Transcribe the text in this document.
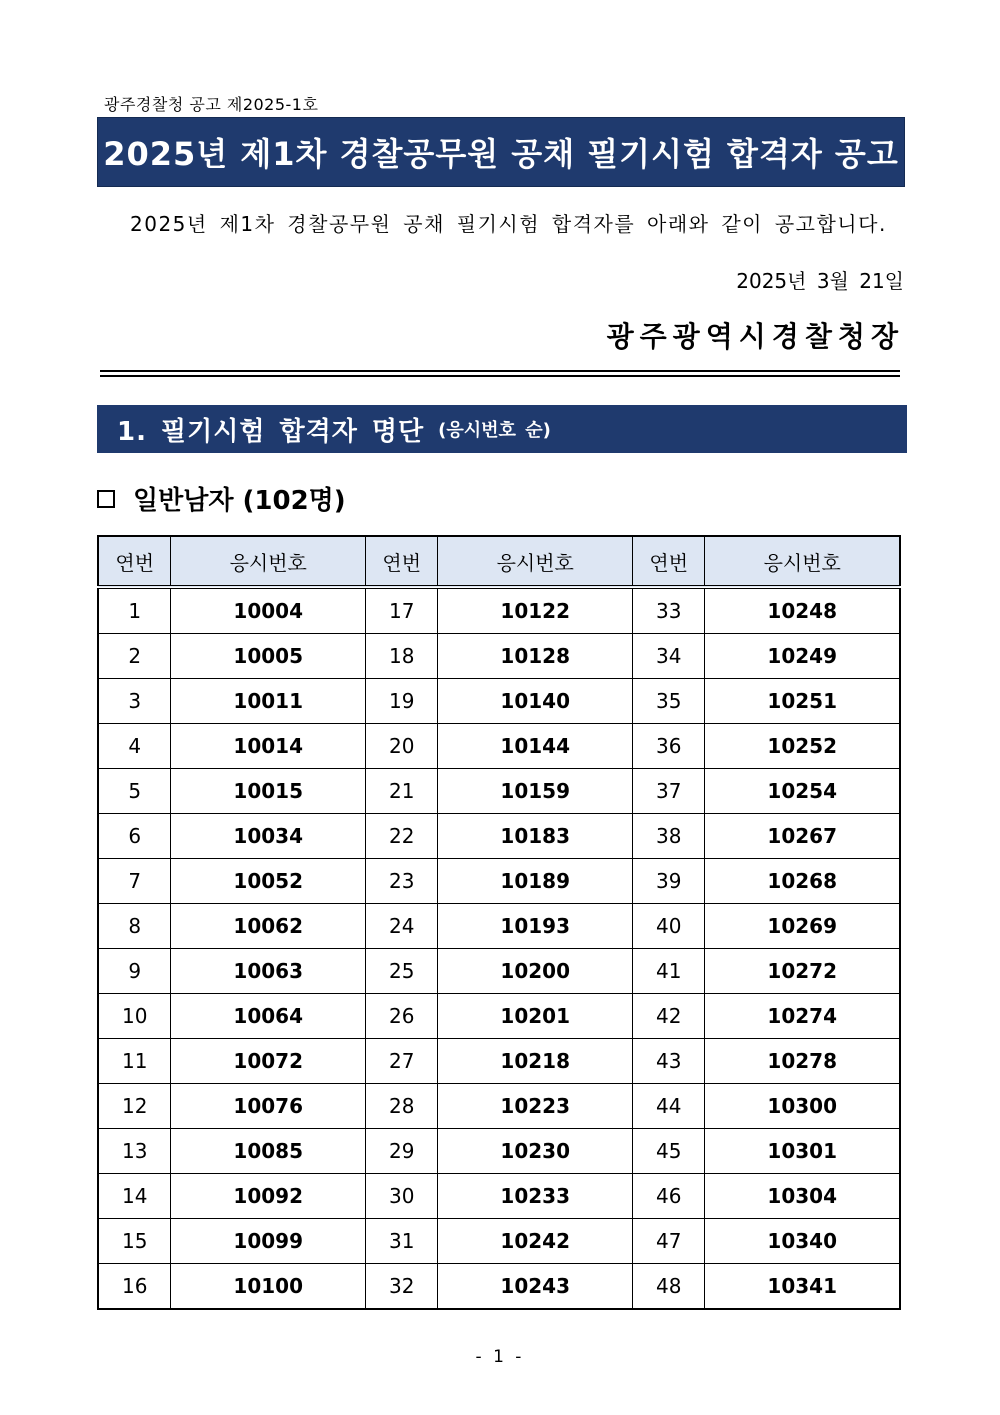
광주경찰청 공고 제2025-1호
2025년 제1차 경찰공무원 공채 필기시험 합격자 공고
2025년 제1차 경찰공무원 공채 필기시험 합격자를 아래와 같이 공고합니다.
2025년 3월 21일
광주광역시경찰청장
1. 필기시험 합격자 명단 (응시번호 순)
일반남자 (102명)
연번	응시번호	연번	응시번호	연번	응시번호
1	10004	17	10122	33	10248
2	10005	18	10128	34	10249
3	10011	19	10140	35	10251
4	10014	20	10144	36	10252
5	10015	21	10159	37	10254
6	10034	22	10183	38	10267
7	10052	23	10189	39	10268
8	10062	24	10193	40	10269
9	10063	25	10200	41	10272
10	10064	26	10201	42	10274
11	10072	27	10218	43	10278
12	10076	28	10223	44	10300
13	10085	29	10230	45	10301
14	10092	30	10233	46	10304
15	10099	31	10242	47	10340
16	10100	32	10243	48	10341
- 1 -
